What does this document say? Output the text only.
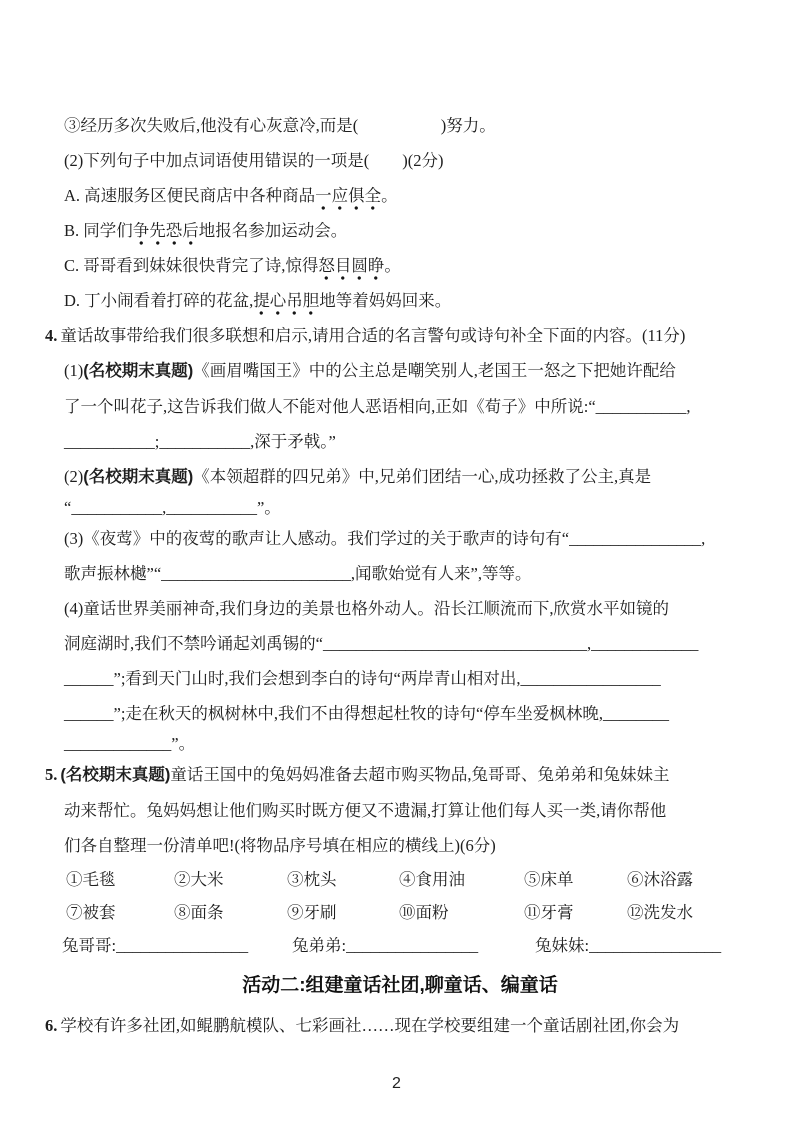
③经历多次失败后,他没有心灰意冷,而是(　　　　　)努力。

(2)下列句子中加点词语使用错误的一项是(　　)(2分)

A. 高速服务区便民商店中各种商品一应俱全。

B. 同学们争先恐后地报名参加运动会。

C. 哥哥看到妹妹很快背完了诗,惊得怒目圆睁。

D. 丁小闹看着打碎的花盆,提心吊胆地等着妈妈回来。

4. 童话故事带给我们很多联想和启示,请用合适的名言警句或诗句补全下面的内容。(11分)

(1)(名校期末真题)《画眉嘴国王》中的公主总是嘲笑别人,老国王一怒之下把她许配给

了一个叫花子,这告诉我们做人不能对他人恶语相向,正如《荀子》中所说:“___________,

___________;___________,深于矛戟。”

(2)(名校期末真题)《本领超群的四兄弟》中,兄弟们团结一心,成功拯救了公主,真是

“___________,___________”。

(3)《夜莺》中的夜莺的歌声让人感动。我们学过的关于歌声的诗句有“________________,

歌声振林樾”“_______________________,闻歌始觉有人来”,等等。

(4)童话世界美丽神奇,我们身边的美景也格外动人。沿长江顺流而下,欣赏水平如镜的

洞庭湖时,我们不禁吟诵起刘禹锡的“________________________________,_____________

______”;看到天门山时,我们会想到李白的诗句“两岸青山相对出,_________________

______”;走在秋天的枫树林中,我们不由得想起杜牧的诗句“停车坐爱枫林晚,________

_____________”。

5. (名校期末真题)童话王国中的兔妈妈准备去超市购买物品,兔哥哥、兔弟弟和兔妹妹主

动来帮忙。兔妈妈想让他们购买时既方便又不遗漏,打算让他们每人买一类,请你帮他

们各自整理一份清单吧!(将物品序号填在相应的横线上)(6分)

①毛毯	②大米	③枕头	④食用油	⑤床单	⑥沐浴露
⑦被套	⑧面条	⑨牙刷	⑩面粉	⑪牙膏	⑫洗发水
兔哥哥:________________	兔弟弟:________________	兔妹妹:________________
活动二:组建童话社团,聊童话、编童话

6. 学校有许多社团,如鲲鹏航模队、七彩画社……现在学校要组建一个童话剧社团,你会为

2
